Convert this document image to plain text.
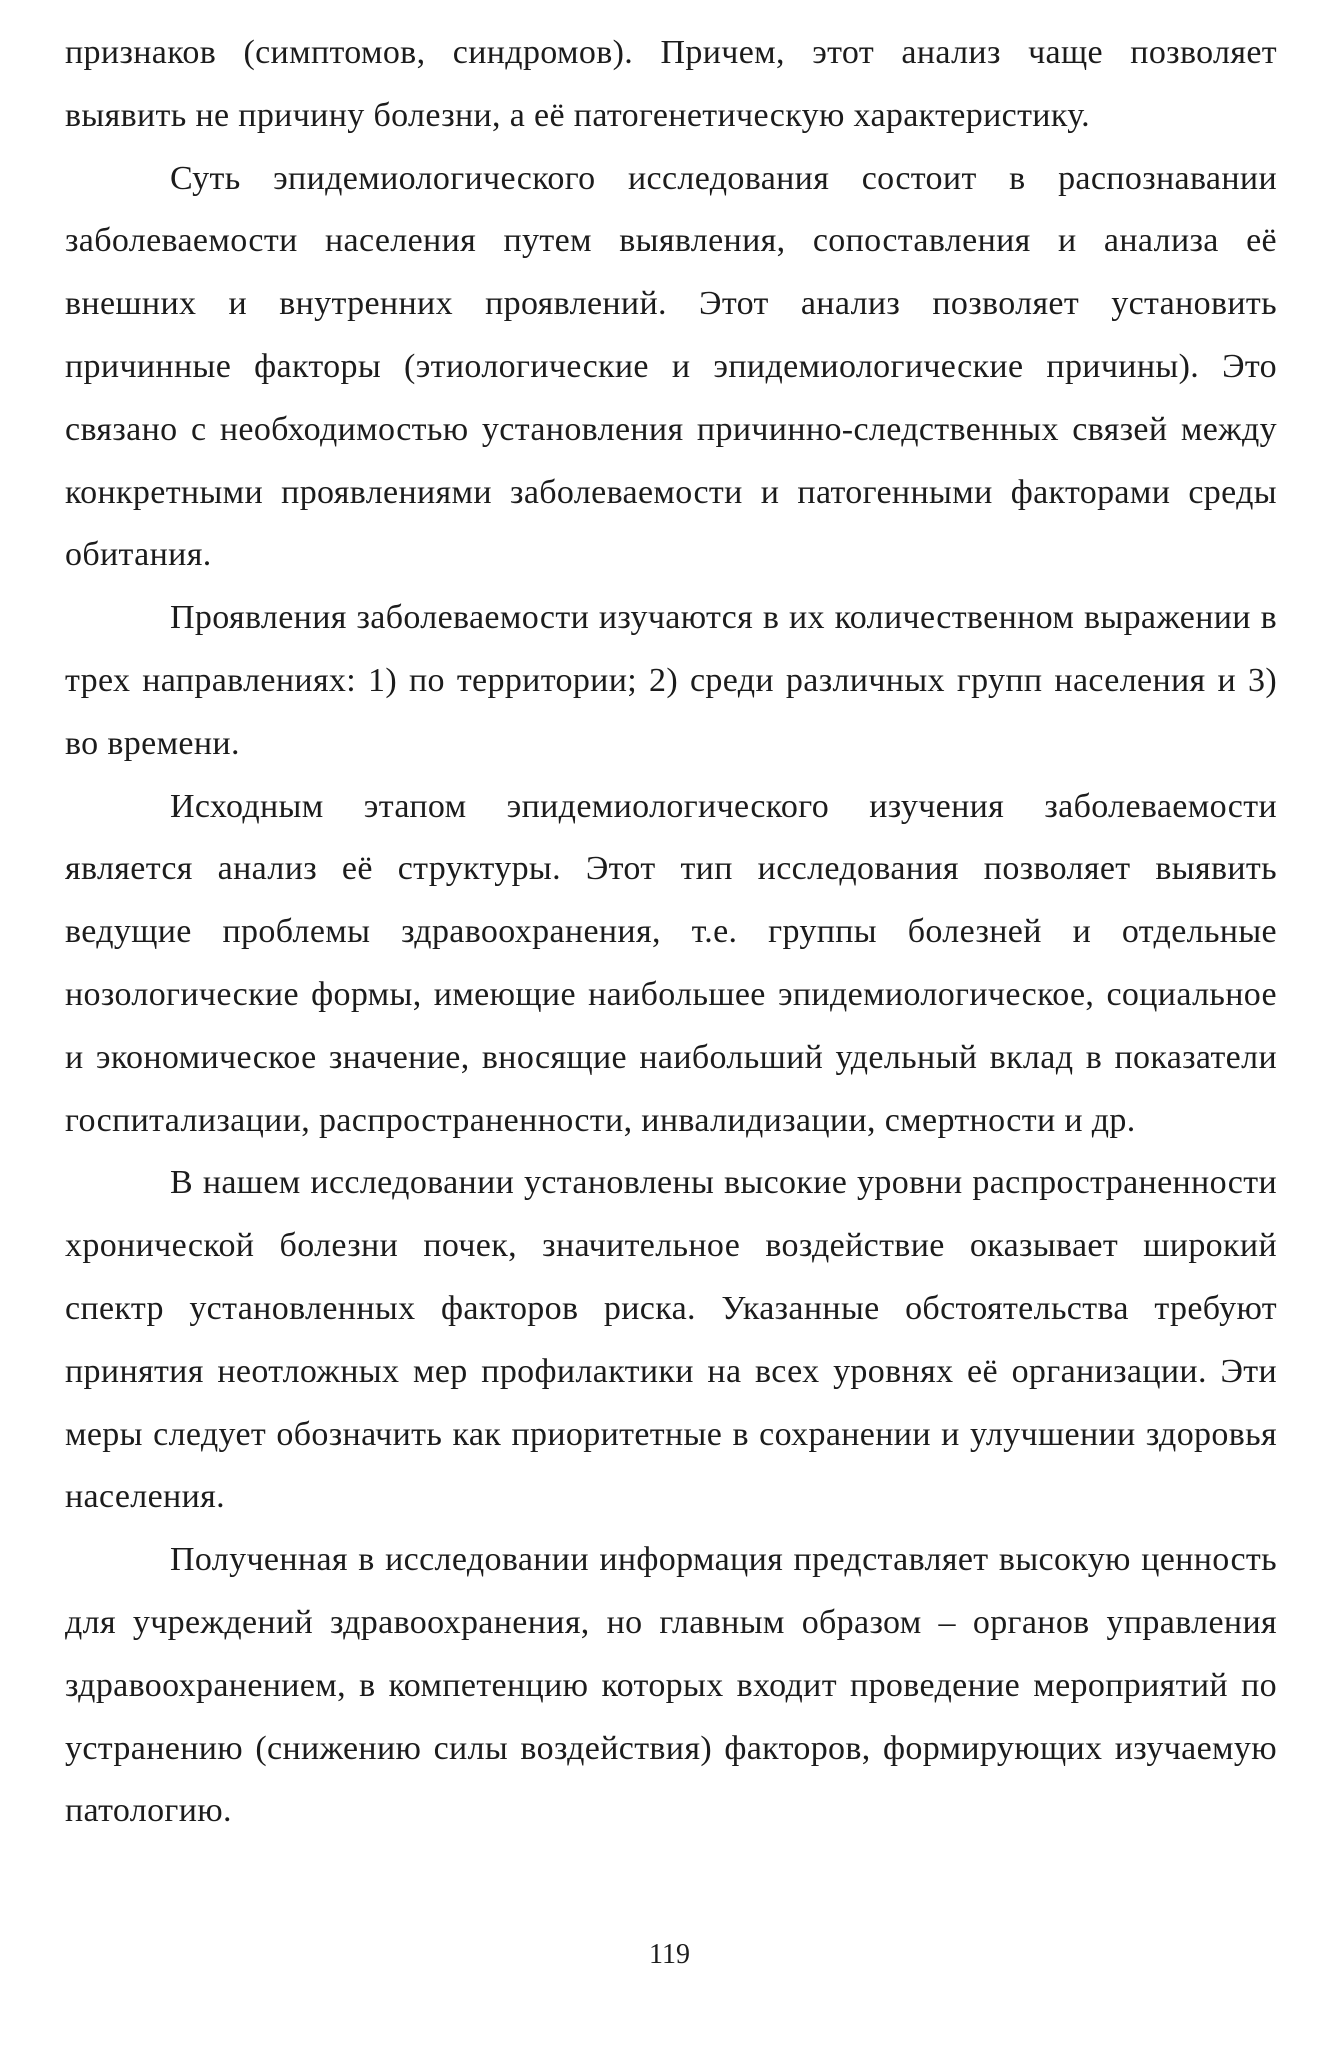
признаков (симптомов, синдромов). Причем, этот анализ чаще позволяет выявить не причину болезни, а её патогенетическую характеристику.

Суть эпидемиологического исследования состоит в распознавании заболеваемости населения путем выявления, сопоставления и анализа её внешних и внутренних проявлений. Этот анализ позволяет установить причинные факторы (этиологические и эпидемиологические причины). Это связано с необходимостью установления причинно-следственных связей между конкретными проявлениями заболеваемости и патогенными факторами среды обитания.

Проявления заболеваемости изучаются в их количественном выражении в трех направлениях: 1) по территории; 2) среди различных групп населения и 3) во времени.

Исходным этапом эпидемиологического изучения заболеваемости является анализ её структуры. Этот тип исследования позволяет выявить ведущие проблемы здравоохранения, т.е. группы болезней и отдельные нозологические формы, имеющие наибольшее эпидемиологическое, социальное и экономическое значение, вносящие наибольший удельный вклад в показатели госпитализации, распространенности, инвалидизации, смертности и др.

В нашем исследовании установлены высокие уровни распространенности хронической болезни почек, значительное воздействие оказывает широкий спектр установленных факторов риска. Указанные обстоятельства требуют принятия неотложных мер профилактики на всех уровнях её организации. Эти меры следует обозначить как приоритетные в сохранении и улучшении здоровья населения.

Полученная в исследовании информация представляет высокую ценность для учреждений здравоохранения, но главным образом – органов управления здравоохранением, в компетенцию которых входит проведение мероприятий по устранению (снижению силы воздействия) факторов, формирующих изучаемую патологию.

119
